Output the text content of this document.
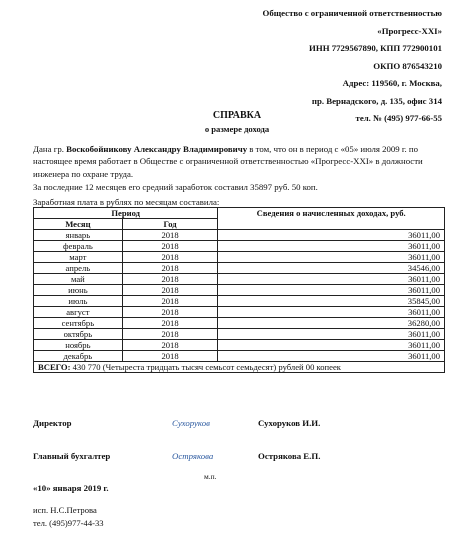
Общество с ограниченной ответственностью
«Прогресс-XXI»
ИНН 7729567890, КПП 772900101
ОКПО 876543210
Адрес: 119560, г. Москва,
пр. Вернадского, д. 135, офис 314
тел. № (495) 977-66-55
СПРАВКА
о размере дохода
Дана гр. Воскобойникову Александру Владимировичу в том, что он в период с «05» июля 2009 г. по настоящее время работает в Обществе с ограниченной ответственностью «Прогресс-XXI» в должности инженера по охране труда.
За последние 12 месяцев его средний заработок составил 35897 руб. 50 коп.
Заработная плата в рублях по месяцам составила:
Период		Сведения о начисленных доходах, руб.
Месяц	Год	
январь	2018	36011,00
февраль	2018	36011,00
март	2018	36011,00
апрель	2018	34546,00
май	2018	36011,00
июнь	2018	36011,00
июль	2018	35845,00
август	2018	36011,00
сентябрь	2018	36280,00
октябрь	2018	36011,00
ноябрь	2018	36011,00
декабрь	2018	36011,00
ВСЕГО: 430 770 (Четыреста тридцать тысяч семьсот семьдесят) рублей 00 копеек		
Директор	Сухоруков	Сухоруков И.И.
Главный бухгалтер	Острякова	Острякова Е.П.
м.п.
«10» января 2019 г.
исп. Н.С.Петрова
тел. (495)977-44-33
